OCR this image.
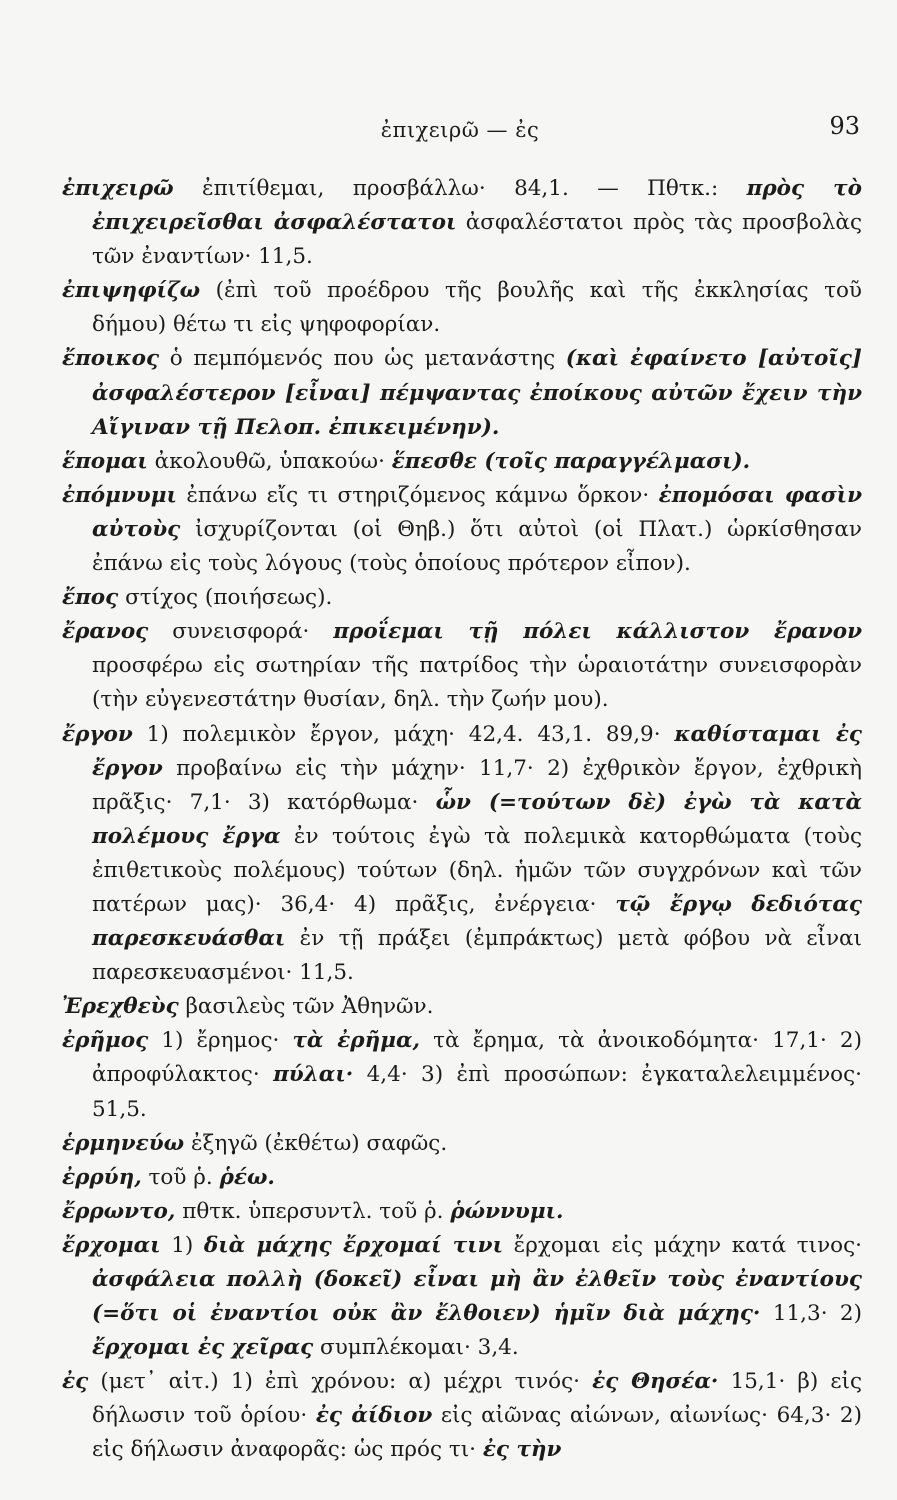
ἐπιχειρῶ — ἐς	93

ἐπιχειρῶ ἐπιτίθεμαι, προσβάλλω· 84,1. — Πθτκ.: πρὸς τὸ ἐπιχειρεῖσθαι ἀσφαλέστατοι ἀσφαλέστατοι πρὸς τὰς προσβολὰς τῶν ἐναντίων· 11,5.

ἐπιψηφίζω (ἐπὶ τοῦ προέδρου τῆς βουλῆς καὶ τῆς ἐκκλησίας τοῦ δήμου) θέτω τι εἰς ψηφοφορίαν.

ἔποικος ὁ πεμπόμενός που ὡς μετανάστης (καὶ ἐφαίνετο [αὐτοῖς] ἀσφαλέστερον [εἶναι] πέμψαντας ἐποίκους αὐτῶν ἔχειν τὴν Αἴγιναν τῇ Πελοπ. ἐπικειμένην).

ἕπομαι ἀκολουθῶ, ὑπακούω· ἕπεσθε (τοῖς παραγγέλμασι).

ἐπόμνυμι ἐπάνω εἴς τι στηριζόμενος κάμνω ὅρκον· ἐπομόσαι φασὶν αὐτοὺς ἰσχυρίζονται (οἱ Θηβ.) ὅτι αὐτοὶ (οἱ Πλατ.) ὡρκίσθησαν ἐπάνω εἰς τοὺς λόγους (τοὺς ὁποίους πρότερον εἶπον).

ἔπος στίχος (ποιήσεως).

ἔρανος συνεισφορά· προΐεμαι τῇ πόλει κάλλιστον ἔρανον προσφέρω εἰς σωτηρίαν τῆς πατρίδος τὴν ὡραιοτάτην συνεισφορὰν (τὴν εὐγενεστάτην θυσίαν, δηλ. τὴν ζωήν μου).

ἔργον 1) πολεμικὸν ἔργον, μάχη· 42,4. 43,1. 89,9· καθίσταμαι ἐς ἔργον προβαίνω εἰς τὴν μάχην· 11,7· 2) ἐχθρικὸν ἔργον, ἐχθρικὴ πρᾶξις· 7,1· 3) κατόρθωμα· ὧν (=τούτων δὲ) ἐγὼ τὰ κατὰ πολέμους ἔργα ἐν τούτοις ἐγὼ τὰ πολεμικὰ κατορθώματα (τοὺς ἐπιθετικοὺς πολέμους) τούτων (δηλ. ἡμῶν τῶν συγχρόνων καὶ τῶν πατέρων μας)· 36,4· 4) πρᾶξις, ἐνέργεια· τῷ ἔργῳ δεδιότας παρεσκευάσθαι ἐν τῇ πράξει (ἐμπράκτως) μετὰ φόβου νὰ εἶναι παρεσκευασμένοι· 11,5.

Ἐρεχθεὺς βασιλεὺς τῶν Ἀθηνῶν.

ἐρῆμος 1) ἔρημος· τὰ ἐρῆμα, τὰ ἔρημα, τὰ ἀνοικοδόμητα· 17,1· 2) ἀπροφύλακτος· πύλαι· 4,4· 3) ἐπὶ προσώπων: ἐγκαταλελειμμένος· 51,5.

ἑρμηνεύω ἐξηγῶ (ἐκθέτω) σαφῶς.

ἐρρύη, τοῦ ῥ. ῥέω.

ἔρρωντο, πθτκ. ὑπερσυντλ. τοῦ ῥ. ῥώννυμι.

ἔρχομαι 1) διὰ μάχης ἔρχομαί τινι ἔρχομαι εἰς μάχην κατά τινος· ἀσφάλεια πολλὴ (δοκεῖ) εἶναι μὴ ἂν ἐλθεῖν τοὺς ἐναντίους (=ὅτι οἱ ἐναντίοι οὐκ ἂν ἔλθοιεν) ἡμῖν διὰ μάχης· 11,3· 2) ἔρχομαι ἐς χεῖρας συμπλέκομαι· 3,4.

ἐς (μετ᾽ αἰτ.) 1) ἐπὶ χρόνου: α) μέχρι τινός· ἐς Θησέα· 15,1· β) εἰς δήλωσιν τοῦ ὁρίου· ἐς ἀίδιον εἰς αἰῶνας αἰώνων, αἰωνίως· 64,3· 2) εἰς δήλωσιν ἀναφορᾶς: ὡς πρός τι· ἐς τὴν
